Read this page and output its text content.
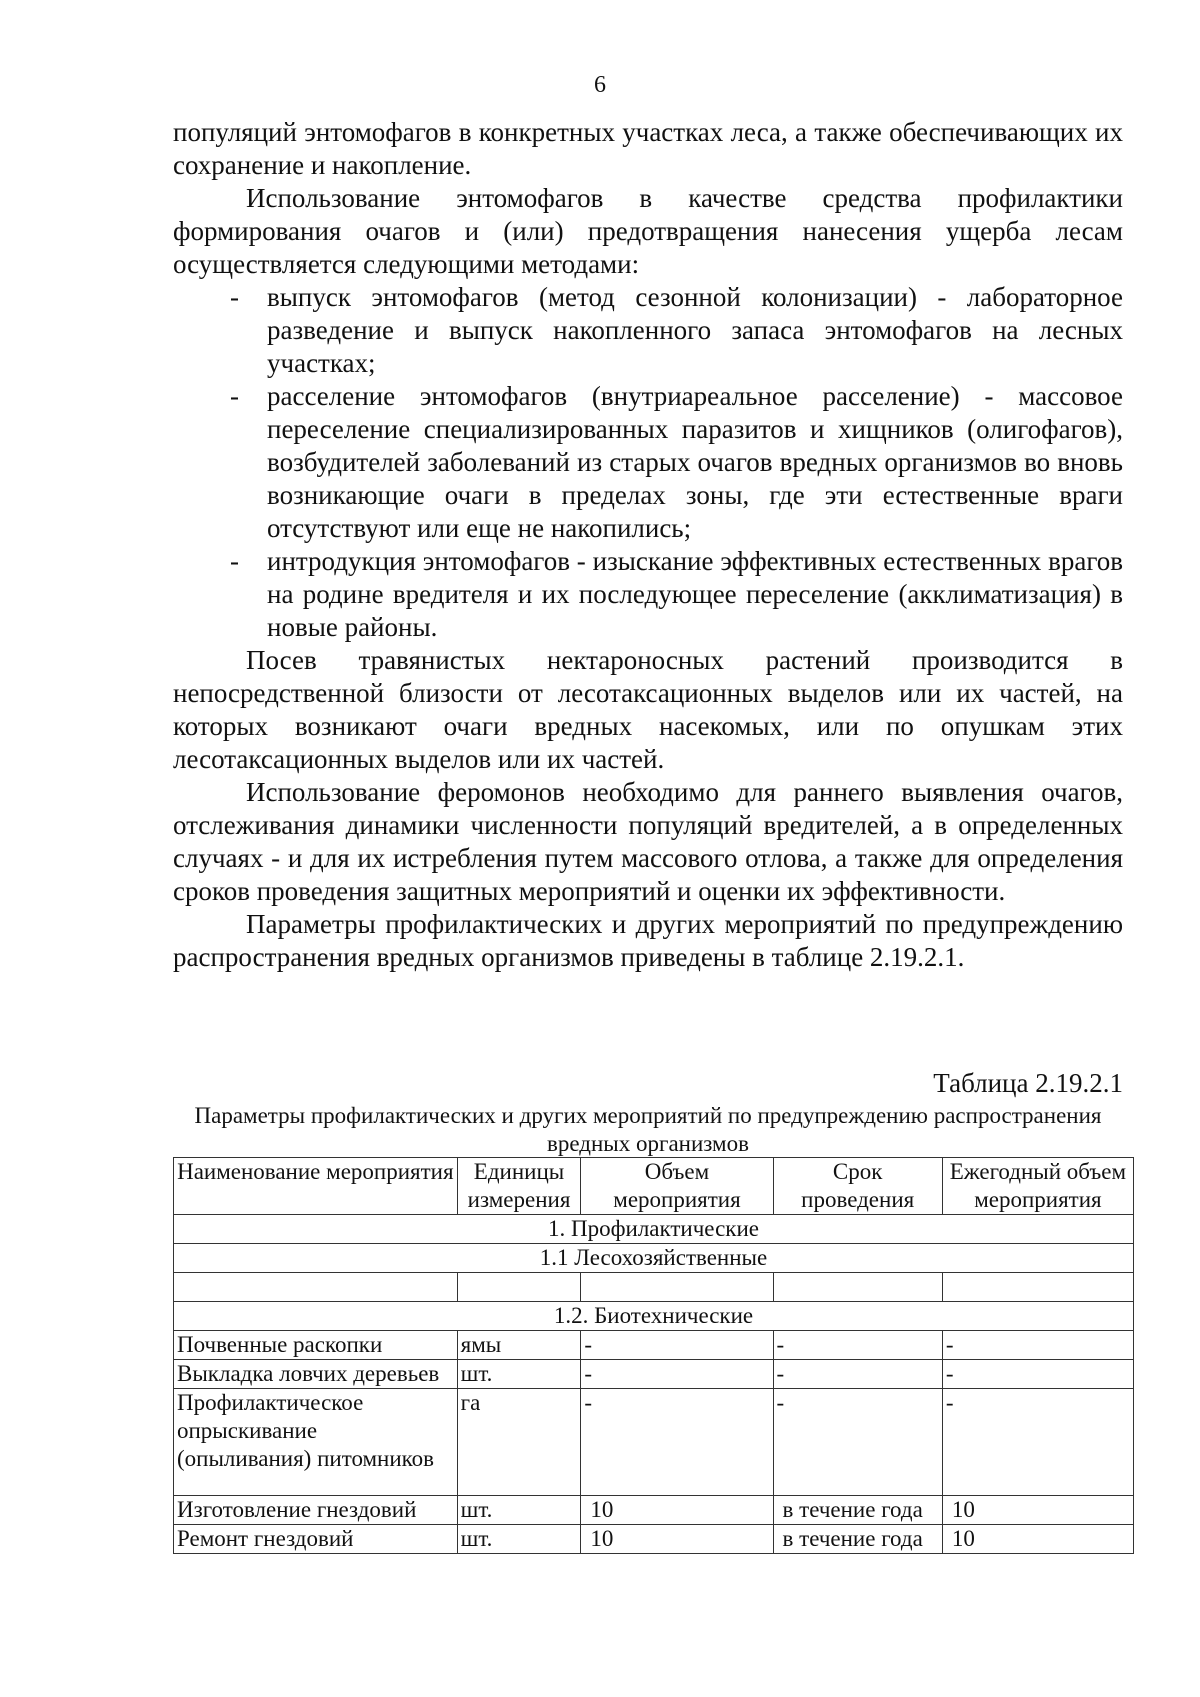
6

популяций энтомофагов в конкретных участках леса, а также обеспечивающих их сохранение и накопление.

Использование энтомофагов в качестве средства профилактики формирования очагов и (или) предотвращения нанесения ущерба лесам осуществляется следующими методами:

- выпуск энтомофагов (метод сезонной колонизации) - лабораторное разведение и выпуск накопленного запаса энтомофагов на лесных участках;
- расселение энтомофагов (внутриареальное расселение) - массовое переселение специализированных паразитов и хищников (олигофагов), возбудителей заболеваний из старых очагов вредных организмов во вновь возникающие очаги в пределах зоны, где эти естественные враги отсутствуют или еще не накопились;
- интродукция энтомофагов - изыскание эффективных естественных врагов на родине вредителя и их последующее переселение (акклиматизация) в новые районы.

Посев травянистых нектароносных растений производится в непосредственной близости от лесотаксационных выделов или их частей, на которых возникают очаги вредных насекомых, или по опушкам этих лесотаксационных выделов или их частей.

Использование феромонов необходимо для раннего выявления очагов, отслеживания динамики численности популяций вредителей, а в определенных случаях - и для их истребления путем массового отлова, а также для определения сроков проведения защитных мероприятий и оценки их эффективности.

Параметры профилактических и других мероприятий по предупреждению распространения вредных организмов приведены в таблице 2.19.2.1.

Таблица 2.19.2.1
Параметры профилактических и других мероприятий по предупреждению распространения вредных организмов
Наименование мероприятия	Единицы измерения	Объем мероприятия	Срок проведения	Ежегодный объем мероприятия
1. Профилактические				
1.1 Лесохозяйственные				

1.2. Биотехнические				
Почвенные раскопки	ямы	-	-	-
Выкладка ловчих деревьев	шт.	-	-	-
Профилактическое опрыскивание (опыливания) питомников	га	-	-	-
Изготовление гнездовий	шт.	10	в течение года	10
Ремонт гнездовий	шт.	10	в течение года	10
